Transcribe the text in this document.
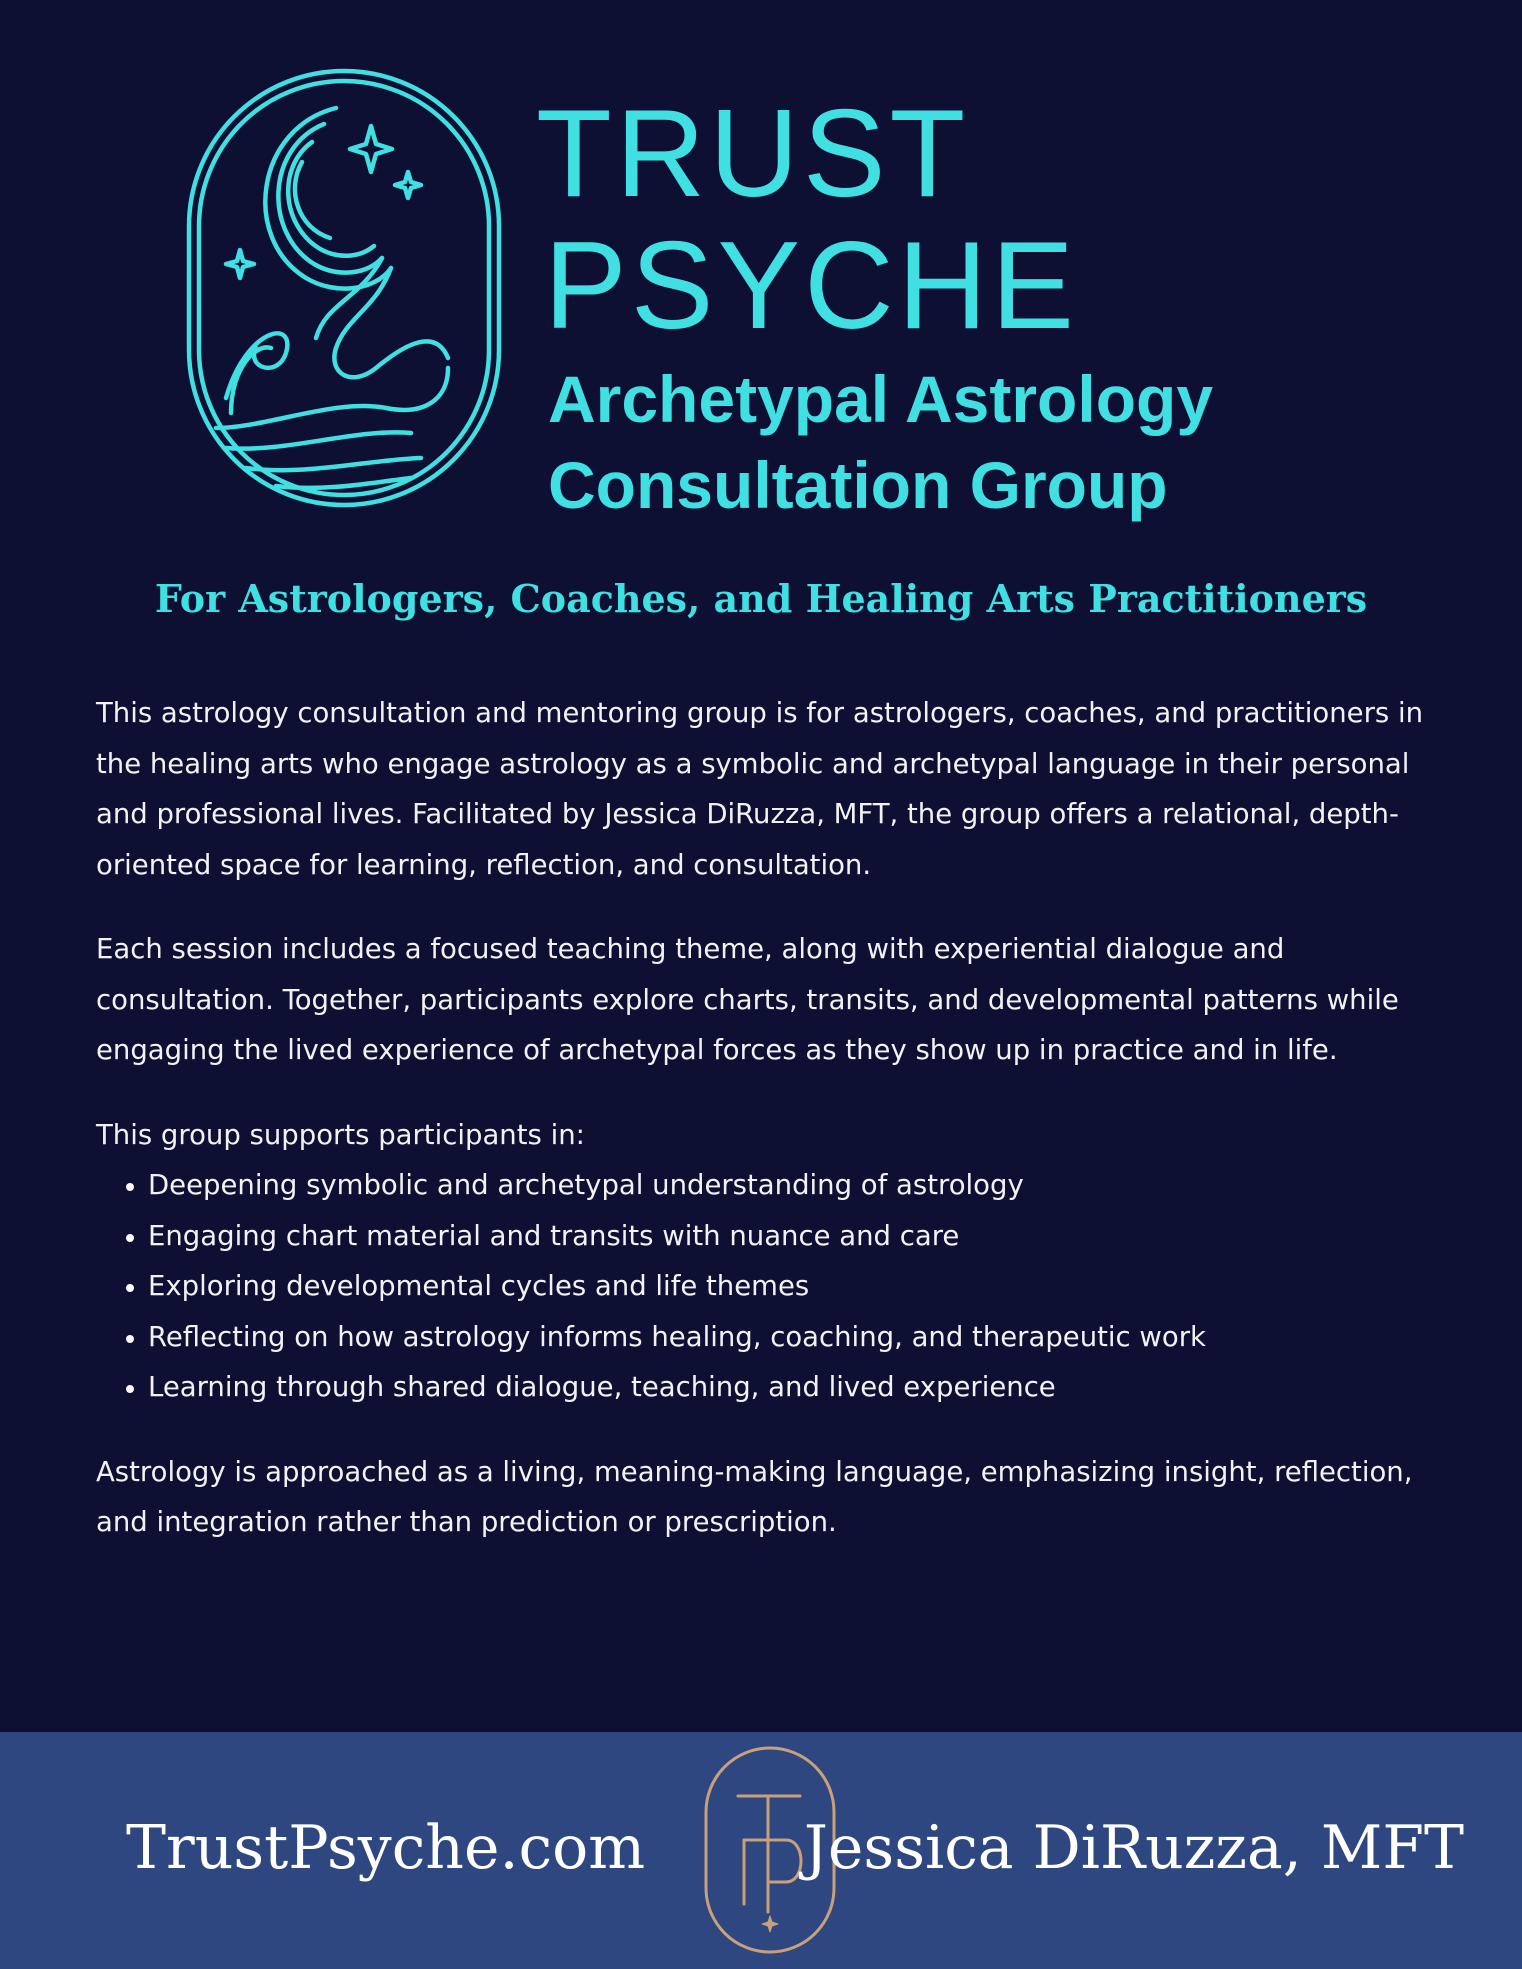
TRUST
PSYCHE
Archetypal Astrology
Consultation Group
For Astrologers, Coaches, and Healing Arts Practitioners

This astrology consultation and mentoring group is for astrologers, coaches, and practitioners in the healing arts who engage astrology as a symbolic and archetypal language in their personal and professional lives. Facilitated by Jessica DiRuzza, MFT, the group offers a relational, depth-oriented space for learning, reflection, and consultation.

Each session includes a focused teaching theme, along with experiential dialogue and consultation. Together, participants explore charts, transits, and developmental patterns while engaging the lived experience of archetypal forces as they show up in practice and in life.

This group supports participants in:

• Deepening symbolic and archetypal understanding of astrology
• Engaging chart material and transits with nuance and care
• Exploring developmental cycles and life themes
• Reflecting on how astrology informs healing, coaching, and therapeutic work
• Learning through shared dialogue, teaching, and lived experience

Astrology is approached as a living, meaning-making language, emphasizing insight, reflection, and integration rather than prediction or prescription.

TrustPsyche.com	Jessica DiRuzza, MFT
